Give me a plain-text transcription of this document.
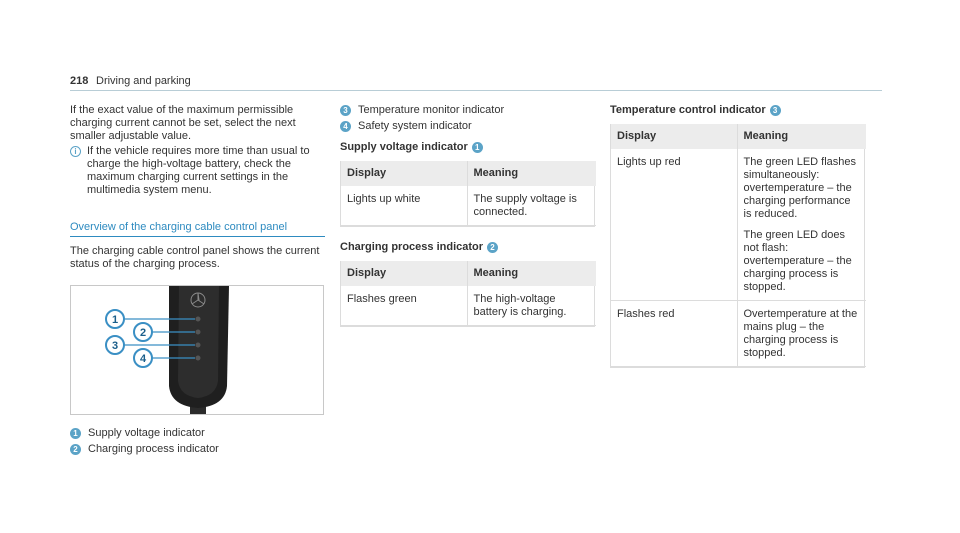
218 Driving and parking

If the exact value of the maximum permissible charging current cannot be set, select the next smaller adjustable value.

i If the vehicle requires more time than usual to charge the high-voltage battery, check the maximum charging current settings in the multimedia system menu.

Overview of the charging cable control panel

The charging cable control panel shows the current status of the charging process.

1
2
3
4
1 Supply voltage indicator
2 Charging process indicator
3 Temperature monitor indicator
4 Safety system indicator
Supply voltage indicator 1
Display	Meaning
Lights up white	The supply voltage is connected.
Charging process indicator 2
Display	Meaning
Flashes green	The high-voltage battery is charging.
Temperature control indicator 3
Display	Meaning
Lights up red	The green LED flashes simultaneously: overtemperature – the charging performance is reduced.

The green LED does not flash: overtemperature – the charging process is stopped.

Flashes red	Overtemperature at the mains plug – the charging process is stopped.
